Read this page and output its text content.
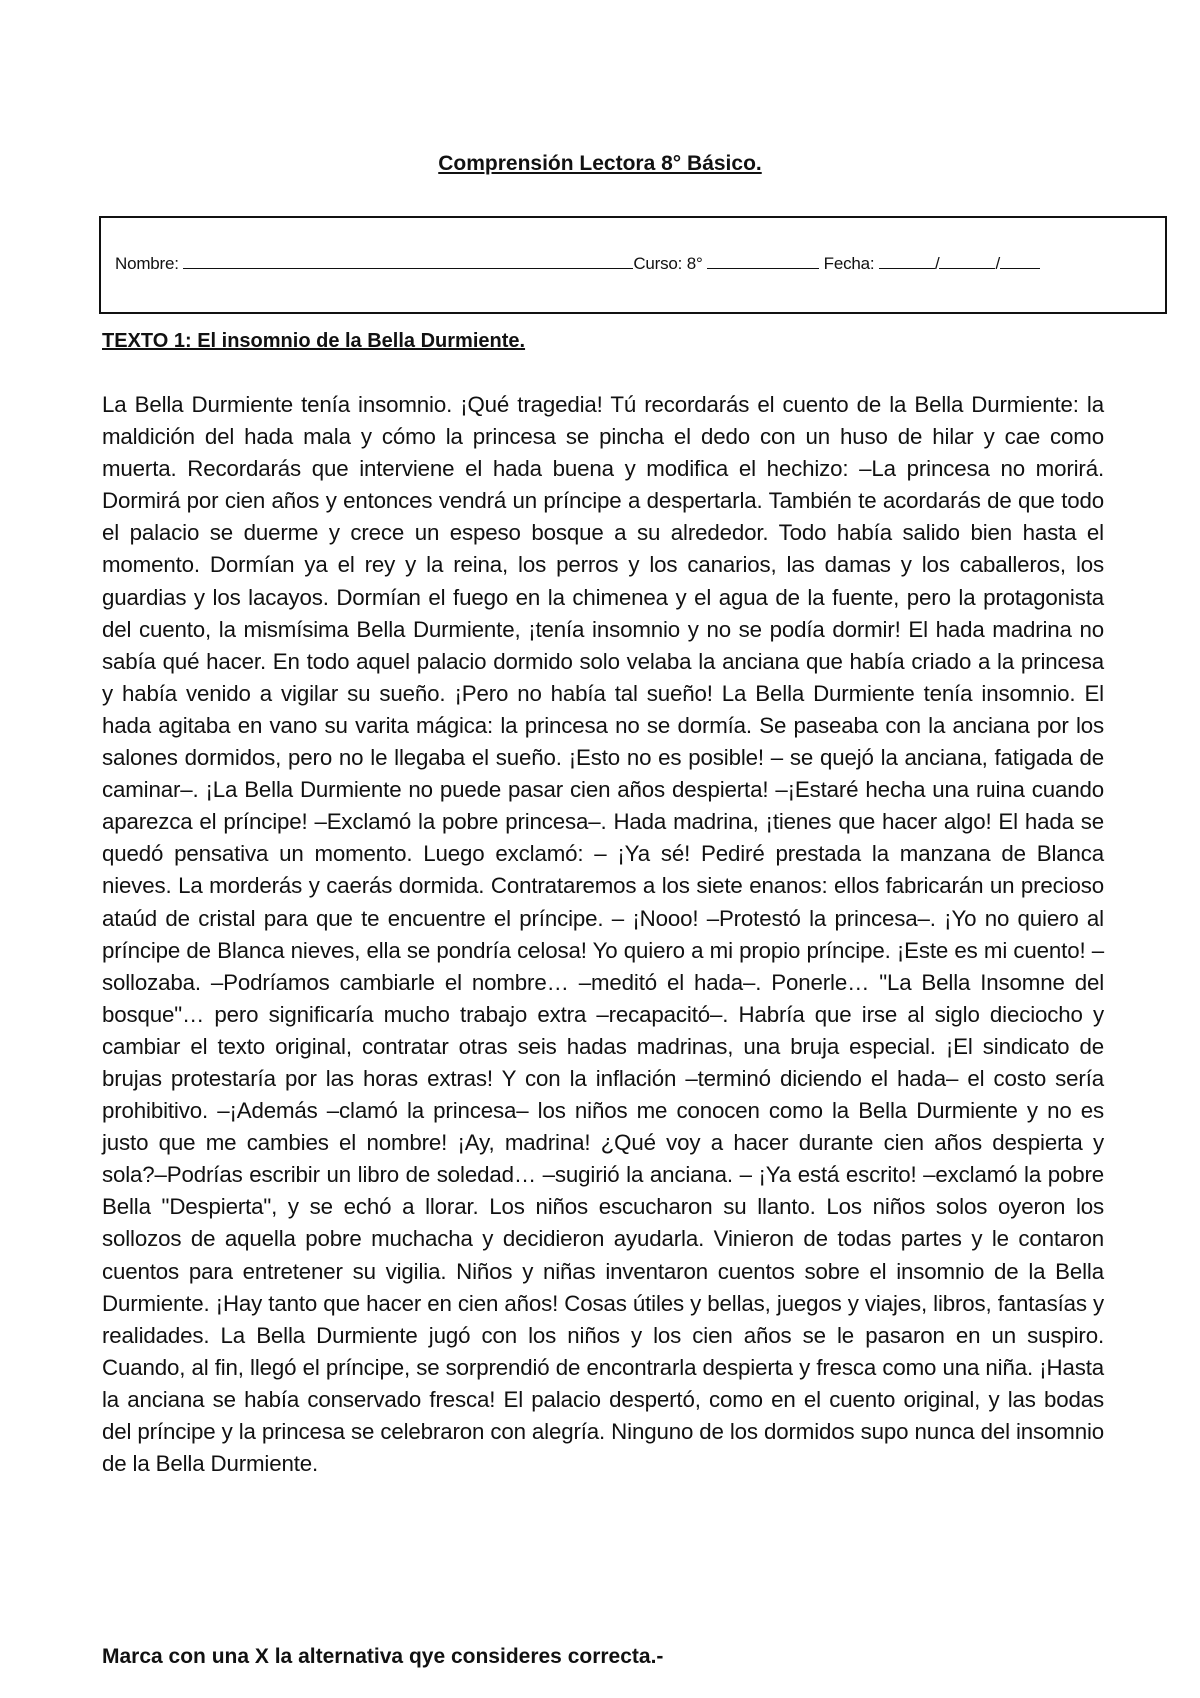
Comprensión Lectora 8° Básico.
Nombre:	Curso: 8°	Fecha:	/	/
TEXTO 1: El insomnio de la Bella Durmiente.

La Bella Durmiente tenía insomnio. ¡Qué tragedia! Tú recordarás el cuento de la Bella Durmiente: la maldición del hada mala y cómo la princesa se pincha el dedo con un huso de hilar y cae como muerta. Recordarás que interviene el hada buena y modifica el hechizo: –La princesa no morirá. Dormirá por cien años y entonces vendrá un príncipe a despertarla. También te acordarás de que todo el palacio se duerme y crece un espeso bosque a su alrededor. Todo había salido bien hasta el momento. Dormían ya el rey y la reina, los perros y los canarios, las damas y los caballeros, los guardias y los lacayos. Dormían el fuego en la chimenea y el agua de la fuente, pero la protagonista del cuento, la mismísima Bella Durmiente, ¡tenía insomnio y no se podía dormir! El hada madrina no sabía qué hacer. En todo aquel palacio dormido solo velaba la anciana que había criado a la princesa y había venido a vigilar su sueño. ¡Pero no había tal sueño! La Bella Durmiente tenía insomnio. El hada agitaba en vano su varita mágica: la princesa no se dormía. Se paseaba con la anciana por los salones dormidos, pero no le llegaba el sueño. ¡Esto no es posible! – se quejó la anciana, fatigada de caminar–. ¡La Bella Durmiente no puede pasar cien años despierta! –¡Estaré hecha una ruina cuando aparezca el príncipe! –Exclamó la pobre princesa–. Hada madrina, ¡tienes que hacer algo! El hada se quedó pensativa un momento. Luego exclamó: – ¡Ya sé! Pediré prestada la manzana de Blanca nieves. La morderás y caerás dormida. Contrataremos a los siete enanos: ellos fabricarán un precioso ataúd de cristal para que te encuentre el príncipe. – ¡Nooo! –Protestó la princesa–. ¡Yo no quiero al príncipe de Blanca nieves, ella se pondría celosa! Yo quiero a mi propio príncipe. ¡Este es mi cuento! –sollozaba. –Podríamos cambiarle el nombre… –meditó el hada–. Ponerle… "La Bella Insomne del bosque"… pero significaría mucho trabajo extra –recapacitó–. Habría que irse al siglo dieciocho y cambiar el texto original, contratar otras seis hadas madrinas, una bruja especial. ¡El sindicato de brujas protestaría por las horas extras! Y con la inflación –terminó diciendo el hada– el costo sería prohibitivo. –¡Además –clamó la princesa– los niños me conocen como la Bella Durmiente y no es justo que me cambies el nombre! ¡Ay, madrina! ¿Qué voy a hacer durante cien años despierta y sola?–Podrías escribir un libro de soledad… –sugirió la anciana. – ¡Ya está escrito! –exclamó la pobre Bella "Despierta", y se echó a llorar. Los niños escucharon su llanto. Los niños solos oyeron los sollozos de aquella pobre muchacha y decidieron ayudarla. Vinieron de todas partes y le contaron cuentos para entretener su vigilia. Niños y niñas inventaron cuentos sobre el insomnio de la Bella Durmiente. ¡Hay tanto que hacer en cien años! Cosas útiles y bellas, juegos y viajes, libros, fantasías y realidades. La Bella Durmiente jugó con los niños y los cien años se le pasaron en un suspiro. Cuando, al fin, llegó el príncipe, se sorprendió de encontrarla despierta y fresca como una niña. ¡Hasta la anciana se había conservado fresca! El palacio despertó, como en el cuento original, y las bodas del príncipe y la princesa se celebraron con alegría. Ninguno de los dormidos supo nunca del insomnio de la Bella Durmiente.

Marca con una X la alternativa qye consideres correcta.-
